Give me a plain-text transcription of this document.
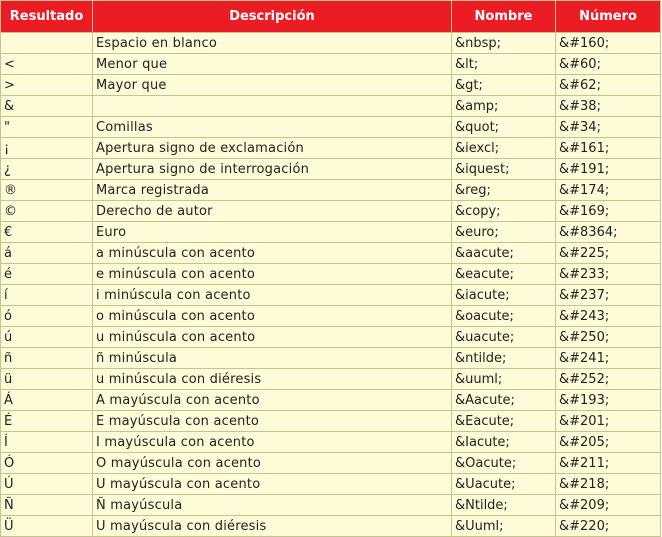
Resultado	Descripción	Nombre	Número
	Espacio en blanco	&nbsp;	&#160;
<	Menor que	&lt;	&#60;
>	Mayor que	&gt;	&#62;
&		&amp;	&#38;
"	Comillas	&quot;	&#34;
¡	Apertura signo de exclamación	&iexcl;	&#161;
¿	Apertura signo de interrogación	&iquest;	&#191;
®	Marca registrada	&reg;	&#174;
©	Derecho de autor	&copy;	&#169;
€	Euro	&euro;	&#8364;
á	a minúscula con acento	&aacute;	&#225;
é	e minúscula con acento	&eacute;	&#233;
í	i minúscula con acento	&iacute;	&#237;
ó	o minúscula con acento	&oacute;	&#243;
ú	u minúscula con acento	&uacute;	&#250;
ñ	ñ minúscula	&ntilde;	&#241;
ü	u minúscula con diéresis	&uuml;	&#252;
Á	A mayúscula con acento	&Aacute;	&#193;
É	E mayúscula con acento	&Eacute;	&#201;
Í	I mayúscula con acento	&Iacute;	&#205;
Ó	O mayúscula con acento	&Oacute;	&#211;
Ú	U mayúscula con acento	&Uacute;	&#218;
Ñ	Ñ mayúscula	&Ntilde;	&#209;
Ü	U mayúscula con diéresis	&Uuml;	&#220;
